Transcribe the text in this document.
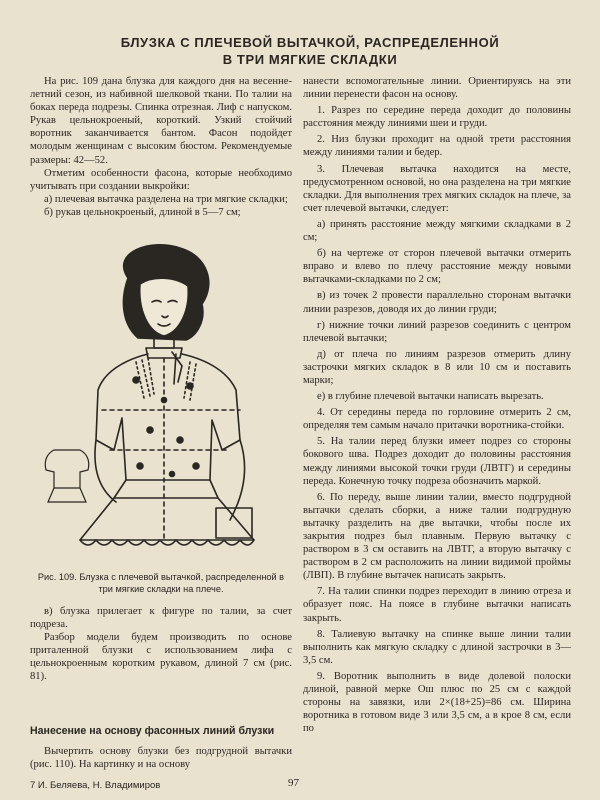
БЛУЗКА С ПЛЕЧЕВОЙ ВЫТАЧКОЙ, РАСПРЕДЕЛЕННОЙ
В ТРИ МЯГКИЕ СКЛАДКИ

На рис. 109 дана блузка для каждого дня на весенне-летний сезон, из набивной шелковой ткани. По талии на боках переда подрезы. Спинка отрезная. Лиф с напуском. Рукав цельнокроеный, короткий. Узкий стойчий воротник заканчивается бантом. Фасон подойдет молодым женщинам с высоким бюстом. Рекомендуемые размеры: 42—52.

Отметим особенности фасона, которые необходимо учитывать при создании выкройки:

а) плечевая вытачка разделена на три мягкие складки;

б) рукав цельнокроеный, длиной в 5—7 см;

Рис. 109. Блузка с плечевой вытачкой, распределенной в три мягкие складки на плече.

в) блузка прилегает к фигуре по талии, за счет подреза.

Разбор модели будем производить по основе приталенной блузки с использованием лифа с цельнокроенным коротким рукавом, длиной 7 см (рис. 81).

Нанесение на основу фасонных линий блузки

Вычертить основу блузки без подгрудной вытачки (рис. 110). На картинку и на основу

нанести вспомогательные линии. Ориентируясь на эти линии перенести фасон на основу.

1. Разрез по середине переда доходит до половины расстояния между линиями шеи и груди.

2. Низ блузки проходит на одной трети расстояния между линиями талии и бедер.

3. Плечевая вытачка находится на месте, предусмотренном основой, но она разделена на три мягкие складки. Для выполнения трех мягких складок на плече, за счет плечевой вытачки, следует:

а) принять расстояние между мягкими складками в 2 см;

б) на чертеже от сторон плечевой вытачки отмерить вправо и влево по плечу расстояние между новыми вытачками-складками по 2 см;

в) из точек 2 провести параллельно сторонам вытачки линии разрезов, доводя их до линии груди;

г) нижние точки линий разрезов соединить с центром плечевой вытачки;

д) от плеча по линиям разрезов отмерить длину застрочки мягких складок в 8 или 10 см и поставить марки;

е) в глубине плечевой вытачки написать вырезать.

4. От середины переда по горловине отмерить 2 см, определяя тем самым начало притачки воротника-стойки.

5. На талии перед блузки имеет подрез со стороны бокового шва. Подрез доходит до половины расстояния между линиями высокой точки груди (ЛВТГ) и середины переда. Конечную точку подреза обозначить маркой.

6. По переду, выше линии талии, вместо подгрудной вытачки сделать сборки, а ниже талии подгрудную вытачку разделить на две вытачки, чтобы после их закрытия подрез был плавным. Первую вытачку с раствором в 3 см оставить на ЛВТГ, а вторую вытачку с раствором в 2 см расположить на линии видимой проймы (ЛВП). В глубине вытачек написать закрыть.

7. На талии спинки подрез переходит в линию отреза и образует пояс. На поясе в глубине вытачки написать закрыть.

8. Талиевую вытачку на спинке выше линии талии выполнить как мягкую складку с длиной застрочки в 3—3,5 см.

9. Воротник выполнить в виде долевой полоски длиной, равной мерке Ош плюс по 25 см с каждой стороны на завязки, или 2×(18+25)=86 см. Ширина воротника в готовом виде 3 или 3,5 см, а в крое 8 см, если по

7 И. Беляева, Н. Владимиров	97
